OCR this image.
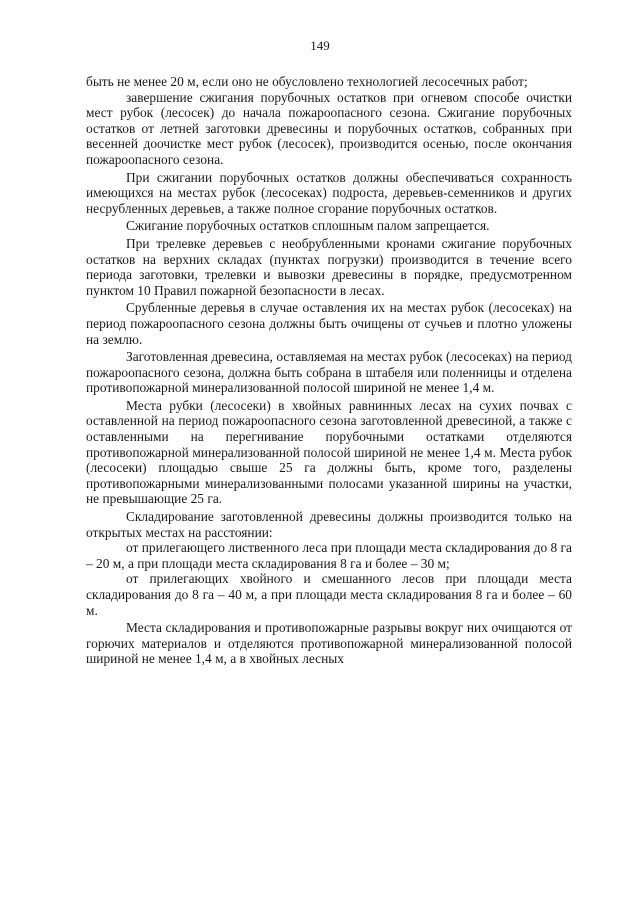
149

быть не менее 20 м, если оно не обусловлено технологией лесосечных работ;

завершение сжигания порубочных остатков при огневом способе очистки мест рубок (лесосек) до начала пожароопасного сезона. Сжигание порубочных остатков от летней заготовки древесины и порубочных остатков, собранных при весенней доочистке мест рубок (лесосек), производится осенью, после окончания пожароопасного сезона.

При сжигании порубочных остатков должны обеспечиваться сохранность имеющихся на местах рубок (лесосеках) подроста, деревьев-семенников и других несрубленных деревьев, а также полное сгорание порубочных остатков.

Сжигание порубочных остатков сплошным палом запрещается.

При трелевке деревьев с необрубленными кронами сжигание порубочных остатков на верхних складах (пунктах погрузки) производится в течение всего периода заготовки, трелевки и вывозки древесины в порядке, предусмотренном пунктом 10 Правил пожарной безопасности в лесах.

Срубленные деревья в случае оставления их на местах рубок (лесосеках) на период пожароопасного сезона должны быть очищены от сучьев и плотно уложены на землю.

Заготовленная древесина, оставляемая на местах рубок (лесосеках) на период пожароопасного сезона, должна быть собрана в штабеля или поленницы и отделена противопожарной минерализованной полосой шириной не менее 1,4 м.

Места рубки (лесосеки) в хвойных равнинных лесах на сухих почвах с оставленной на период пожароопасного сезона заготовленной древесиной, а также с оставленными на перегнивание порубочными остатками отделяются противопожарной минерализованной полосой шириной не менее 1,4 м. Места рубок (лесосеки) площадью свыше 25 га должны быть, кроме того, разделены противопожарными минерализованными полосами указанной ширины на участки, не превышающие 25 га.

Складирование заготовленной древесины должны производится только на открытых местах на расстоянии:

от прилегающего лиственного леса при площади места складирования до 8 га – 20 м, а при площади места складирования 8 га и более – 30 м;

от прилегающих хвойного и смешанного лесов при площади места складирования до 8 га – 40 м, а при площади места складирования 8 га и более – 60 м.

Места складирования и противопожарные разрывы вокруг них очищаются от горючих материалов и отделяются противопожарной минерализованной полосой шириной не менее 1,4 м, а в хвойных лесных
